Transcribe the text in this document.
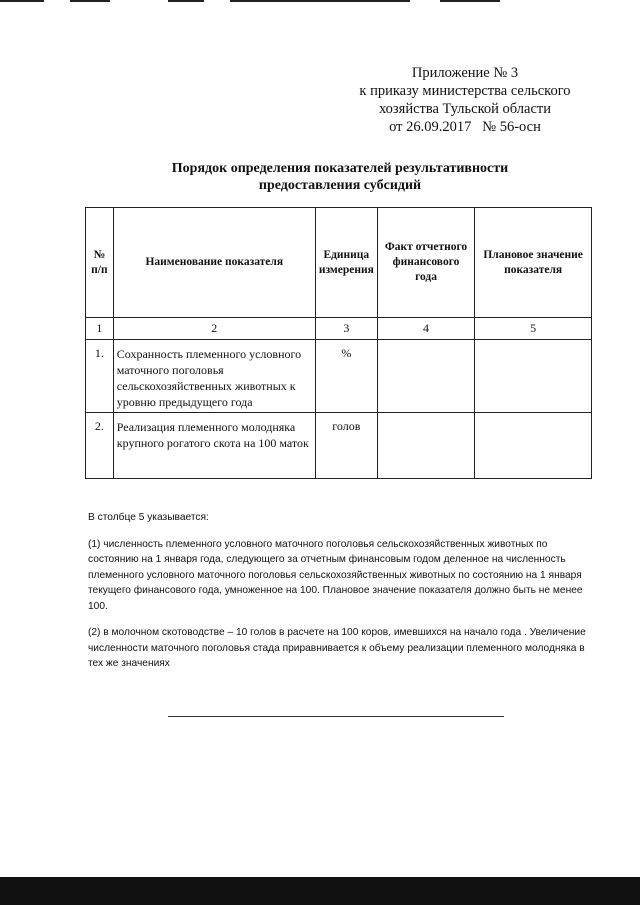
Приложение № 3
к приказу министерства сельского
хозяйства Тульской области
от 26.09.2017   № 56-осн
Порядок определения показателей результативности
предоставления субсидий
№ п/п	Наименование показателя	Единица измерения	Факт отчетного финансового года	Плановое значение показателя
1	2	3	4	5
1.	Сохранность племенного условного маточного поголовья сельскохозяйственных животных к уровню предыдущего года	%		
2.	Реализация племенного молодняка крупного рогатого скота на 100 маток	голов		

В столбце 5 указывается:

(1) численность племенного условного маточного поголовья сельскохозяйственных животных по состоянию на 1 января года, следующего за отчетным финансовым годом деленное на численность племенного условного маточного поголовья сельскохозяйственных животных по состоянию на 1 января текущего финансового года, умноженное на 100. Плановое значение показателя должно быть не менее 100.

(2) в молочном скотоводстве – 10 голов в расчете на 100 коров, имевшихся на начало года . Увеличение численности маточного поголовья стада приравнивается к объему реализации племенного молодняка в тех же значениях
